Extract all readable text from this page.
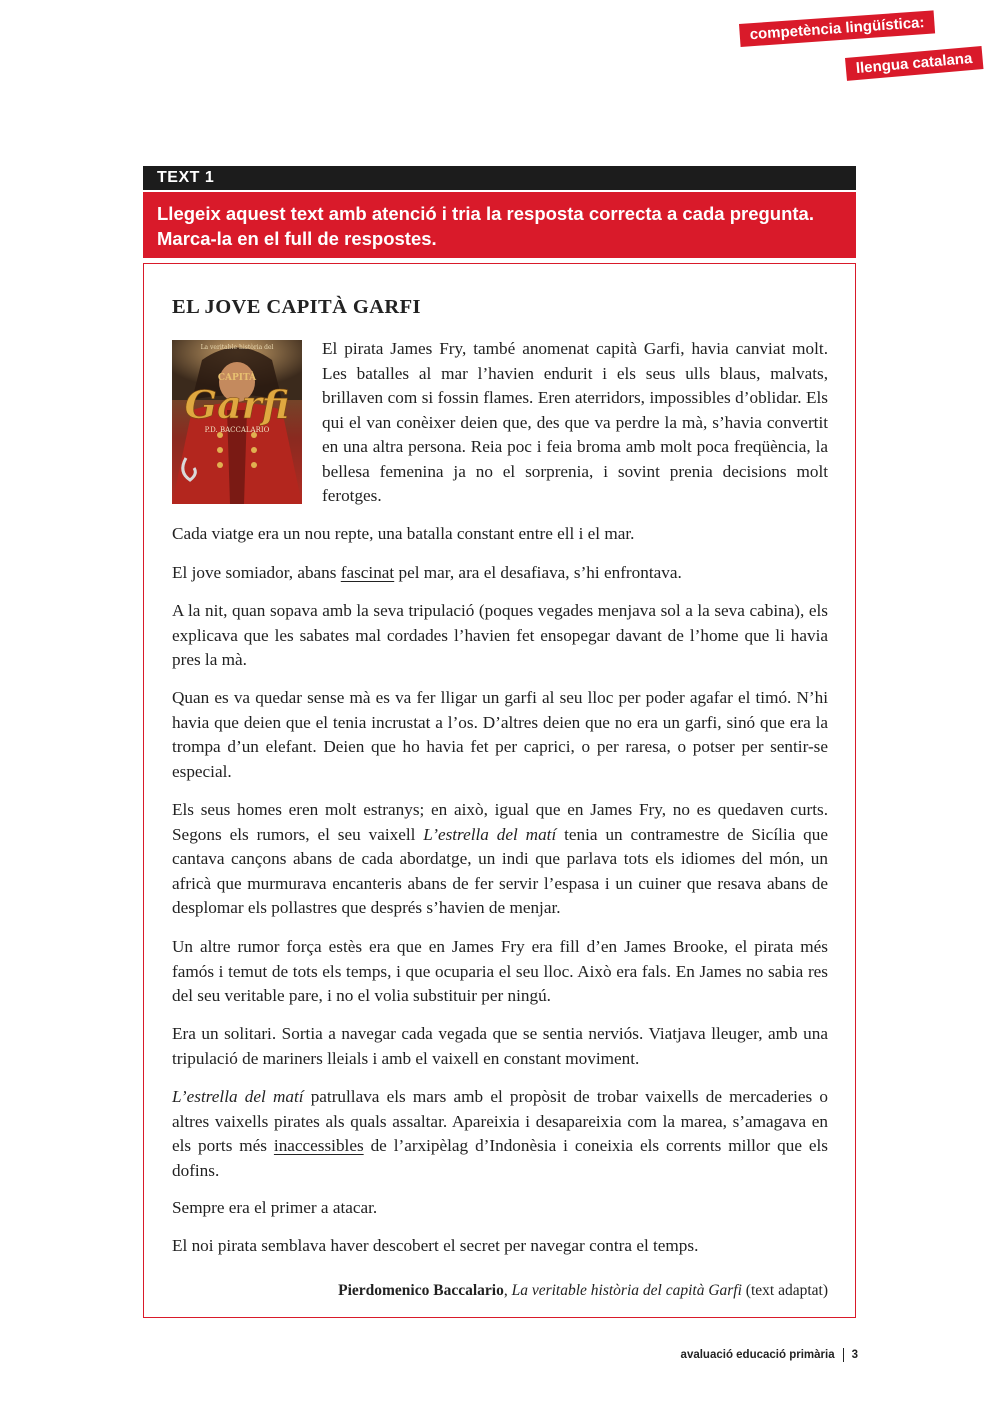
competència lingüística:
llengua catalana
TEXT 1
Llegeix aquest text amb atenció i tria la resposta correcta a cada pregunta.
Marca-la en el full de respostes.
EL JOVE CAPITÀ GARFI
La veritable història del
CAPITÀ
Garfi
P.D. BACCALARIO

El pirata James Fry, també anomenat capità Garfi, havia canviat molt. Les batalles al mar l’havien endurit i els seus ulls blaus, malvats, brillaven com si fossin flames. Eren aterridors, impossibles d’oblidar. Els qui el van conèixer deien que, des que va perdre la mà, s’havia convertit en una altra persona. Reia poc i feia broma amb molt poca freqüència, la bellesa femenina ja no el sorprenia, i sovint prenia decisions molt ferotges.

Cada viatge era un nou repte, una batalla constant entre ell i el mar.

El jove somiador, abans fascinat pel mar, ara el desafiava, s’hi enfrontava.

A la nit, quan sopava amb la seva tripulació (poques vegades menjava sol a la seva cabina), els explicava que les sabates mal cordades l’havien fet ensopegar davant de l’home que li havia pres la mà.

Quan es va quedar sense mà es va fer lligar un garfi al seu lloc per poder agafar el timó. N’hi havia que deien que el tenia incrustat a l’os. D’altres deien que no era un garfi, sinó que era la trompa d’un elefant. Deien que ho havia fet per caprici, o per raresa, o potser per sentir-se especial.

Els seus homes eren molt estranys; en això, igual que en James Fry, no es quedaven curts. Segons els rumors, el seu vaixell L’estrella del matí tenia un contramestre de Sicília que cantava cançons abans de cada abordatge, un indi que parlava tots els idiomes del món, un africà que murmurava encanteris abans de fer servir l’espasa i un cuiner que resava abans de desplomar els pollastres que després s’havien de menjar.

Un altre rumor força estès era que en James Fry era fill d’en James Brooke, el pirata més famós i temut de tots els temps, i que ocuparia el seu lloc. Això era fals. En James no sabia res del seu veritable pare, i no el volia substituir per ningú.

Era un solitari. Sortia a navegar cada vegada que se sentia nerviós. Viatjava lleuger, amb una tripulació de mariners lleials i amb el vaixell en constant moviment.

L’estrella del matí patrullava els mars amb el propòsit de trobar vaixells de mercaderies o altres vaixells pirates als quals assaltar. Apareixia i desapareixia com la marea, s’amagava en els ports més inaccessibles de l’arxipèlag d’Indonèsia i coneixia els corrents millor que els dofins.

Sempre era el primer a atacar.

El noi pirata semblava haver descobert el secret per navegar contra el temps.

Pierdomenico Baccalario, La veritable història del capità Garfi (text adaptat)
avaluació educació primària 3
